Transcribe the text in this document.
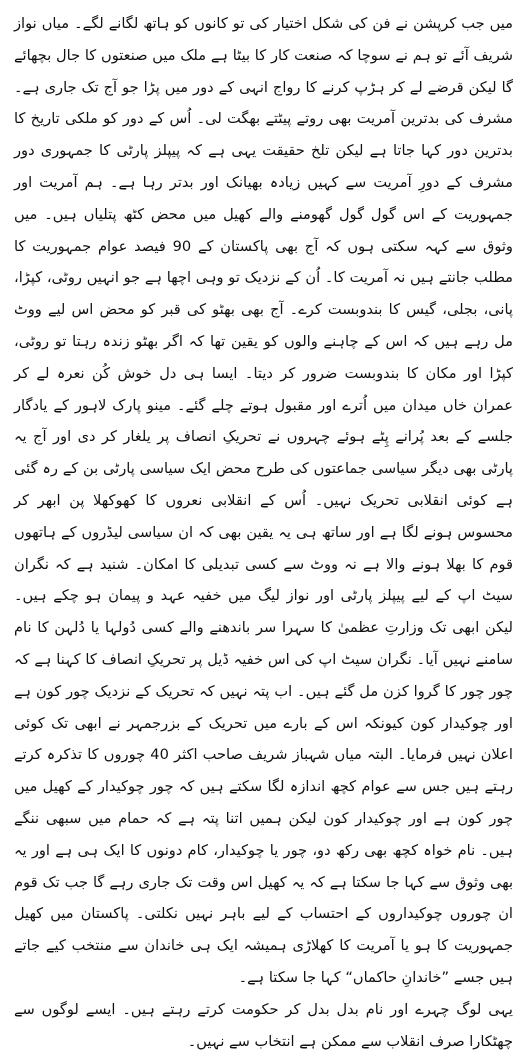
میں جب کرپشن نے فن کی شکل اختیار کی تو کانوں کو ہاتھ لگانے لگے۔ میاں نواز شریف آئے تو ہم نے سوچا کہ صنعت کار کا بیٹا ہے ملک میں صنعتوں کا جال بچھائے گا لیکن قرضے لے کر ہڑپ کرنے کا رواج انہی کے دور میں پڑا جو آج تک جاری ہے۔ مشرف کی بدترین آمریت بھی روتے پیٹتے بھگت لی۔ اُس کے دور کو ملکی تاریخ کا بدترین دور کہا جاتا ہے لیکن تلخ حقیقت یہی ہے کہ پیپلز پارٹی کا جمہوری دور مشرف کے دورِ آمریت سے کہیں زیادہ بھیانک اور بدتر رہا ہے۔ ہم آمریت اور جمہوریت کے اس گول گول گھومنے والے کھیل میں محض کٹھ پتلیاں ہیں۔ میں وثوق سے کہہ سکتی ہوں کہ آج بھی پاکستان کے 90 فیصد عوام جمہوریت کا مطلب جانتے ہیں نہ آمریت کا۔ اُن کے نزدیک تو وہی اچھا ہے جو انہیں روٹی، کپڑا، پانی، بجلی، گیس کا بندوبست کرے۔ آج بھی بھٹو کی قبر کو محض اس لیے ووٹ مل رہے ہیں کہ اس کے چاہنے والوں کو یقین تھا کہ اگر بھٹو زندہ رہتا تو روٹی، کپڑا اور مکان کا بندوبست ضرور کر دیتا۔ ایسا ہی دل خوش کُن نعرہ لے کر عمران خاں میدان میں اُترے اور مقبول ہوتے چلے گئے۔ مینو پارک لاہور کے یادگار جلسے کے بعد پُرانے پِٹے ہوئے چہروں نے تحریکِ انصاف پر یلغار کر دی اور آج یہ پارٹی بھی دیگر سیاسی جماعتوں کی طرح محض ایک سیاسی پارٹی بن کے رہ گئی ہے کوئی انقلابی تحریک نہیں۔ اُس کے انقلابی نعروں کا کھوکھلا پن ابھر کر محسوس ہونے لگا ہے اور ساتھ ہی یہ یقین بھی کہ ان سیاسی لیڈروں کے ہاتھوں قوم کا بھلا ہونے والا ہے نہ ووٹ سے کسی تبدیلی کا امکان۔ شنید ہے کہ نگران سیٹ اپ کے لیے پیپلز پارٹی اور نواز لیگ میں خفیہ عہد و پیمان ہو چکے ہیں۔ لیکن ابھی تک وزارتِ عظمیٰ کا سہرا سر باندھنے والے کسی دُولہا یا دُلہن کا نام سامنے نہیں آیا۔ نگران سیٹ اپ کی اس خفیہ ڈیل پر تحریکِ انصاف کا کہنا ہے کہ چور چور کا گروا کزن مل گئے ہیں۔ اب پتہ نہیں کہ تحریک کے نزدیک چور کون ہے اور چوکیدار کون کیونکہ اس کے بارے میں تحریک کے بزرجمہر نے ابھی تک کوئی اعلان نہیں فرمایا۔ البتہ میاں شہباز شریف صاحب اکثر 40 چوروں کا تذکرہ کرتے رہتے ہیں جس سے عوام کچھ اندازہ لگا سکتے ہیں کہ چور چوکیدار کے کھیل میں چور کون ہے اور چوکیدار کون لیکن ہمیں اتنا پتہ ہے کہ حمام میں سبھی ننگے ہیں۔ نام خواہ کچھ بھی رکھ دو، چور یا چوکیدار، کام دونوں کا ایک ہی ہے اور یہ بھی وثوق سے کہا جا سکتا ہے کہ یہ کھیل اس وقت تک جاری رہے گا جب تک قوم ان چوروں چوکیداروں کے احتساب کے لیے باہر نہیں نکلتی۔ پاکستان میں کھیل جمہوریت کا ہو یا آمریت کا کھلاڑی ہمیشہ ایک ہی خاندان سے منتخب کیے جاتے ہیں جسے ”خاندانِ حاکماں“ کہا جا سکتا ہے۔

یہی لوگ چہرے اور نام بدل بدل کر حکومت کرتے رہتے ہیں۔ ایسے لوگوں سے چھٹکارا صرف انقلاب سے ممکن ہے انتخاب سے نہیں۔
